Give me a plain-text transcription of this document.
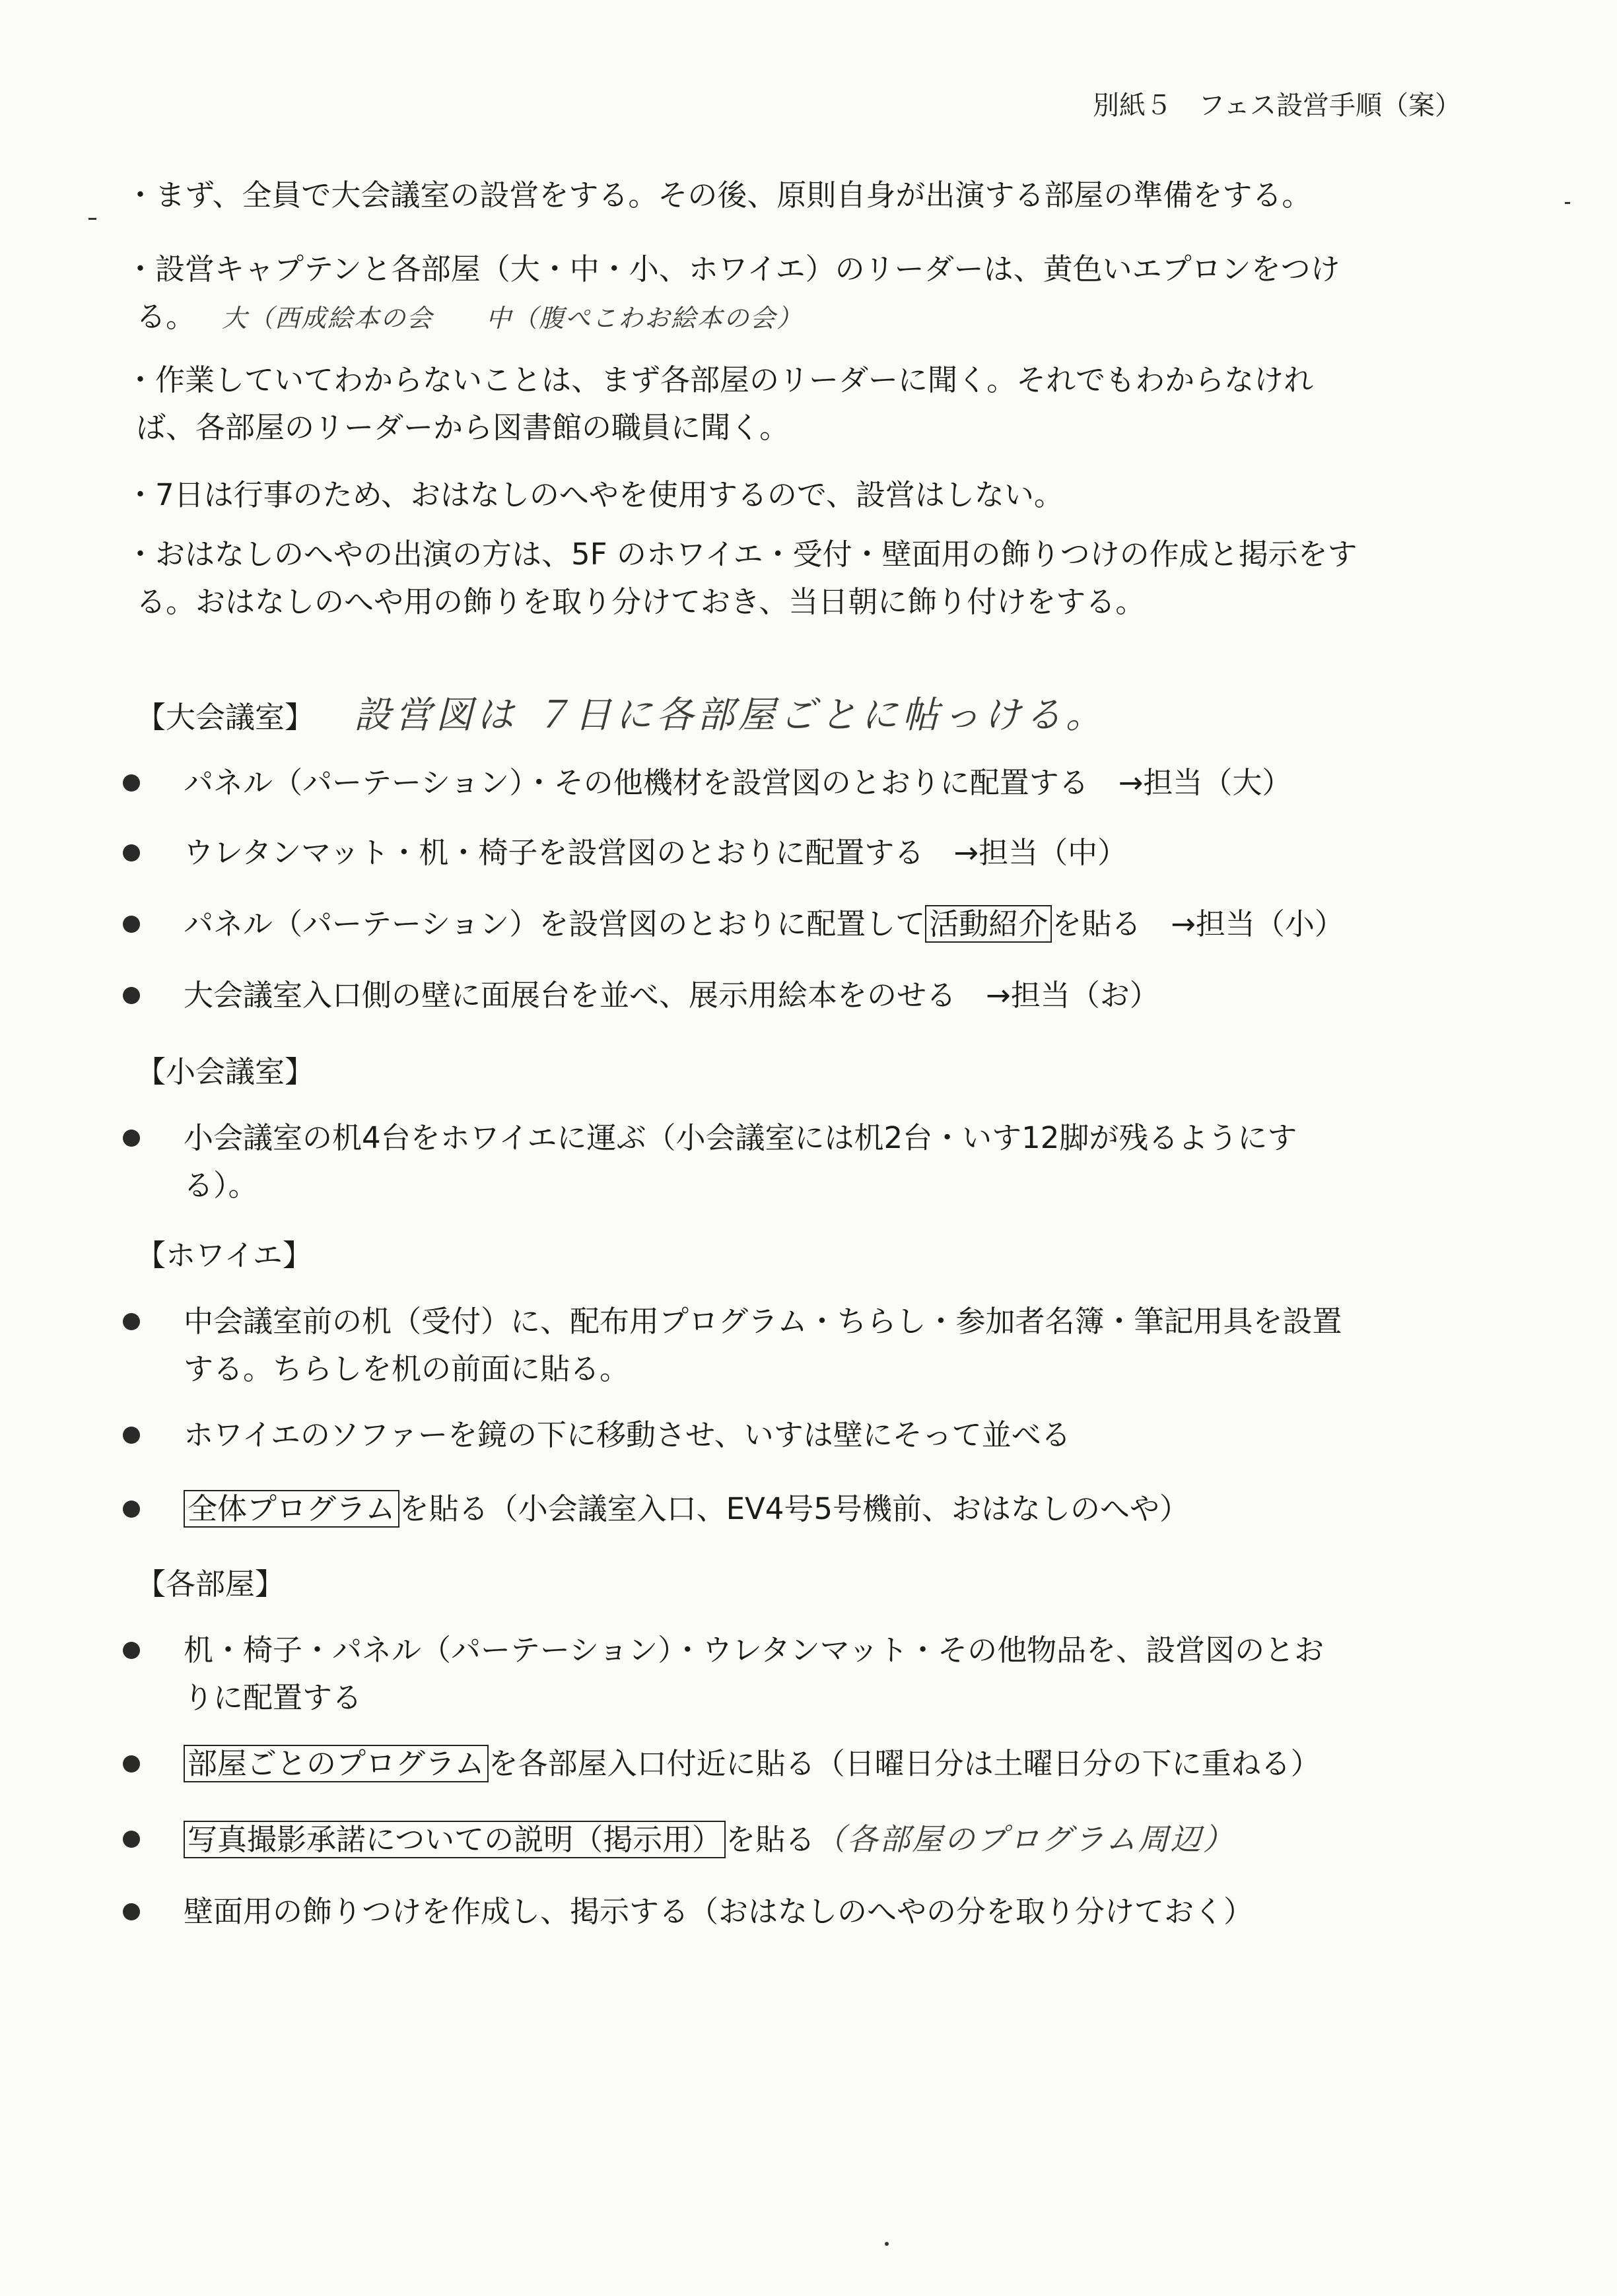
別紙５　フェス設営手順（案）

・まず、全員で大会議室の設営をする。その後、原則自身が出演する部屋の準備をする。

・設営キャプテンと各部屋（大・中・小、ホワイエ）のリーダーは、黄色いエプロンをつけ

る。 大（西成絵本の会　　中（腹ぺこわお絵本の会）

・作業していてわからないことは、まず各部屋のリーダーに聞く。それでもわからなけれ

ば、各部屋のリーダーから図書館の職員に聞く。

・7日は行事のため、おはなしのへやを使用するので、設営はしない。

・おはなしのへやの出演の方は、5F のホワイエ・受付・壁面用の飾りつけの作成と掲示をす

る。おはなしのへや用の飾りを取り分けておき、当日朝に飾り付けをする。

【大会議室】 設営図は ７日に各部屋ごとに帖っける。
パネル（パーテーション）・その他機材を設営図のとおりに配置する　→担当（大）
ウレタンマット・机・椅子を設営図のとおりに配置する　→担当（中）
パネル（パーテーション）を設営図のとおりに配置して 活動紹介 を貼る　→担当（小）
大会議室入口側の壁に面展台を並べ、展示用絵本をのせる　→担当（お）
【小会議室】
小会議室の机4台をホワイエに運ぶ（小会議室には机2台・いす12脚が残るようにす
る）。
【ホワイエ】
中会議室前の机（受付）に、配布用プログラム・ちらし・参加者名簿・筆記用具を設置
する。ちらしを机の前面に貼る。
ホワイエのソファーを鏡の下に移動させ、いすは壁にそって並べる
全体プログラム を貼る（小会議室入口、EV4号5号機前、おはなしのへや）
【各部屋】
机・椅子・パネル（パーテーション）・ウレタンマット・その他物品を、設営図のとお
りに配置する
部屋ごとのプログラム を各部屋入口付近に貼る（日曜日分は土曜日分の下に重ねる）
写真撮影承諾についての説明（掲示用） を貼る（各部屋のプログラム周辺）
壁面用の飾りつけを作成し、掲示する（おはなしのへやの分を取り分けておく）
